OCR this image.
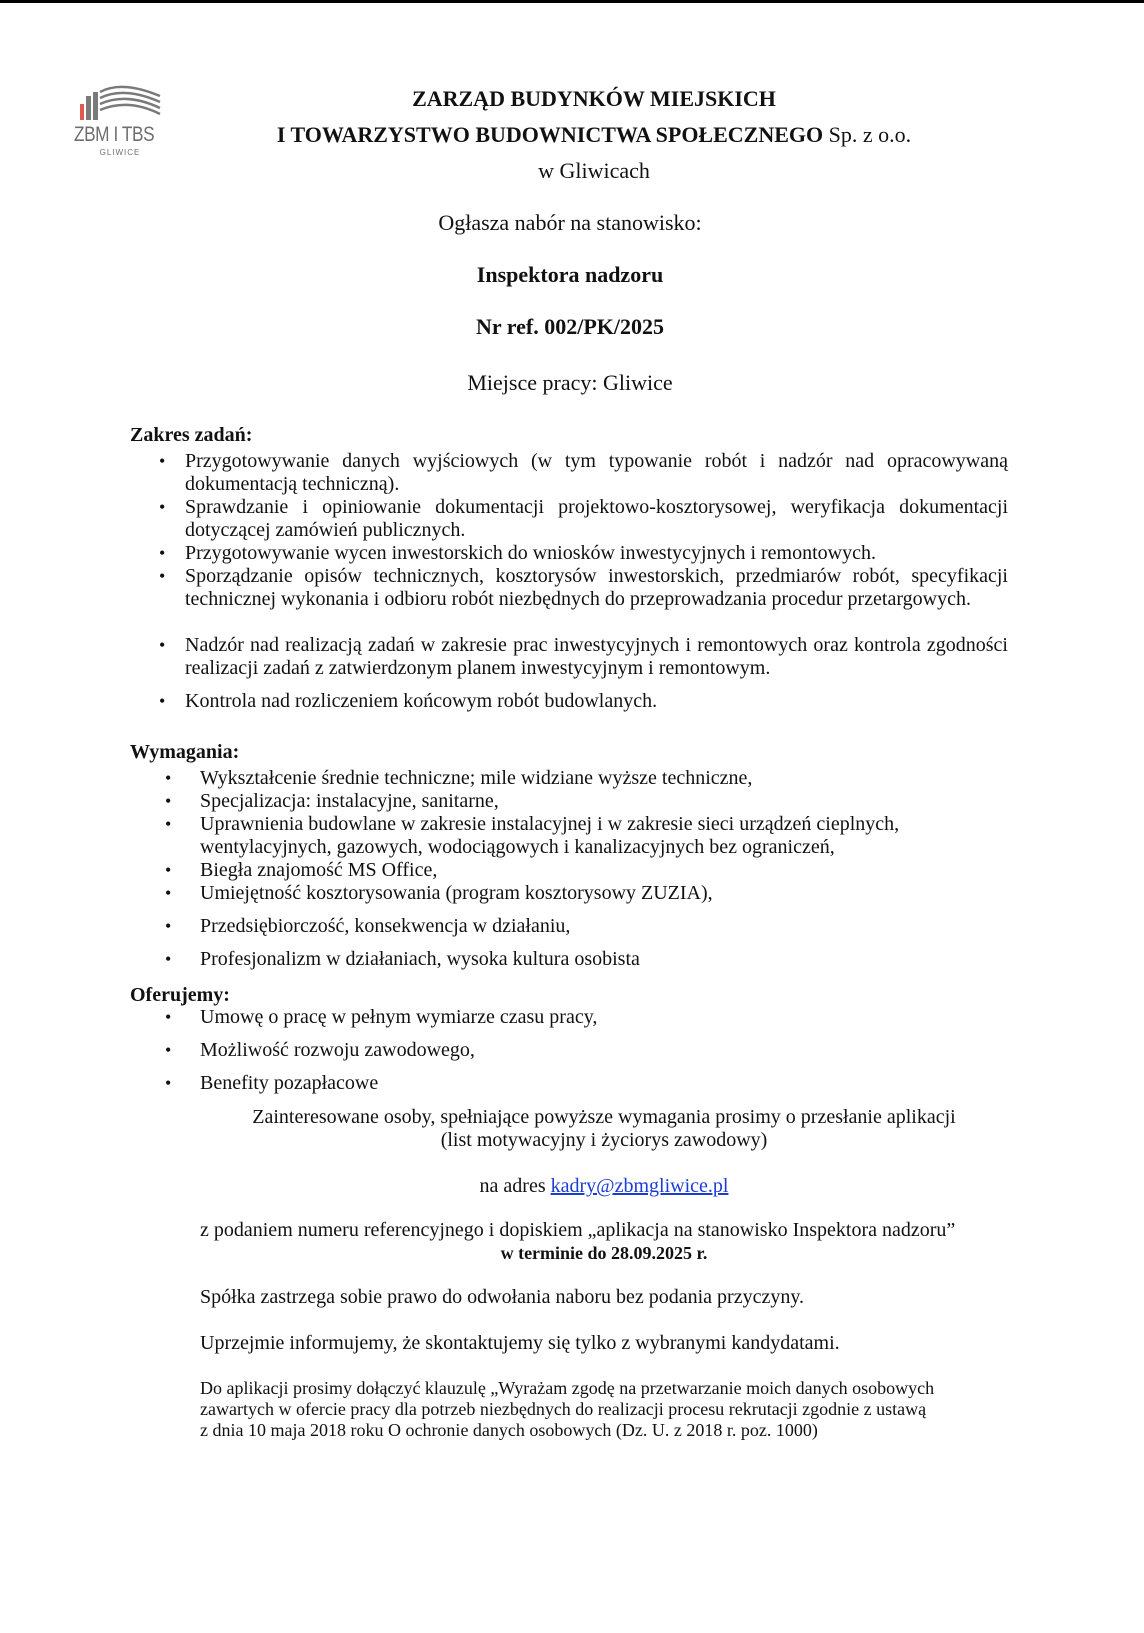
ZBM I TBS
GLIWICE
ZARZĄD BUDYNKÓW MIEJSKICH
I TOWARZYSTWO BUDOWNICTWA SPOŁECZNEGO Sp. z o.o.
w Gliwicach
Ogłasza nabór na stanowisko:
Inspektora nadzoru
Nr ref. 002/PK/2025
Miejsce pracy: Gliwice
Zakres zadań:
• Przygotowywanie danych wyjściowych (w tym typowanie robót i nadzór nad opracowywaną dokumentacją techniczną).
• Sprawdzanie i opiniowanie dokumentacji projektowo-kosztorysowej, weryfikacja dokumentacji dotyczącej zamówień publicznych.
• Przygotowywanie wycen inwestorskich do wniosków inwestycyjnych i remontowych.
• Sporządzanie opisów technicznych, kosztorysów inwestorskich, przedmiarów robót, specyfikacji technicznej wykonania i odbioru robót niezbędnych do przeprowadzania procedur przetargowych.
• Nadzór nad realizacją zadań w zakresie prac inwestycyjnych i remontowych oraz kontrola zgodności realizacji zadań z zatwierdzonym planem inwestycyjnym i remontowym.
• Kontrola nad rozliczeniem końcowym robót budowlanych.
Wymagania:
• Wykształcenie średnie techniczne; mile widziane wyższe techniczne,
• Specjalizacja: instalacyjne, sanitarne,
• Uprawnienia budowlane w zakresie instalacyjnej i w zakresie sieci urządzeń cieplnych, wentylacyjnych, gazowych, wodociągowych i kanalizacyjnych bez ograniczeń,
• Biegła znajomość MS Office,
• Umiejętność kosztorysowania (program kosztorysowy ZUZIA),
• Przedsiębiorczość, konsekwencja w działaniu,
• Profesjonalizm w działaniach, wysoka kultura osobista
Oferujemy:
• Umowę o pracę w pełnym wymiarze czasu pracy,
• Możliwość rozwoju zawodowego,
• Benefity pozapłacowe
Zainteresowane osoby, spełniające powyższe wymagania prosimy o przesłanie aplikacji
(list motywacyjny i życiorys zawodowy)
na adres kadry@zbmgliwice.pl
z podaniem numeru referencyjnego i dopiskiem „aplikacja na stanowisko Inspektora nadzoru”
w terminie do 28.09.2025 r.
Spółka zastrzega sobie prawo do odwołania naboru bez podania przyczyny.
Uprzejmie informujemy, że skontaktujemy się tylko z wybranymi kandydatami.
Do aplikacji prosimy dołączyć klauzulę „Wyrażam zgodę na przetwarzanie moich danych osobowych
zawartych w ofercie pracy dla potrzeb niezbędnych do realizacji procesu rekrutacji zgodnie z ustawą
z dnia 10 maja 2018 roku O ochronie danych osobowych (Dz. U. z 2018 r. poz. 1000)
